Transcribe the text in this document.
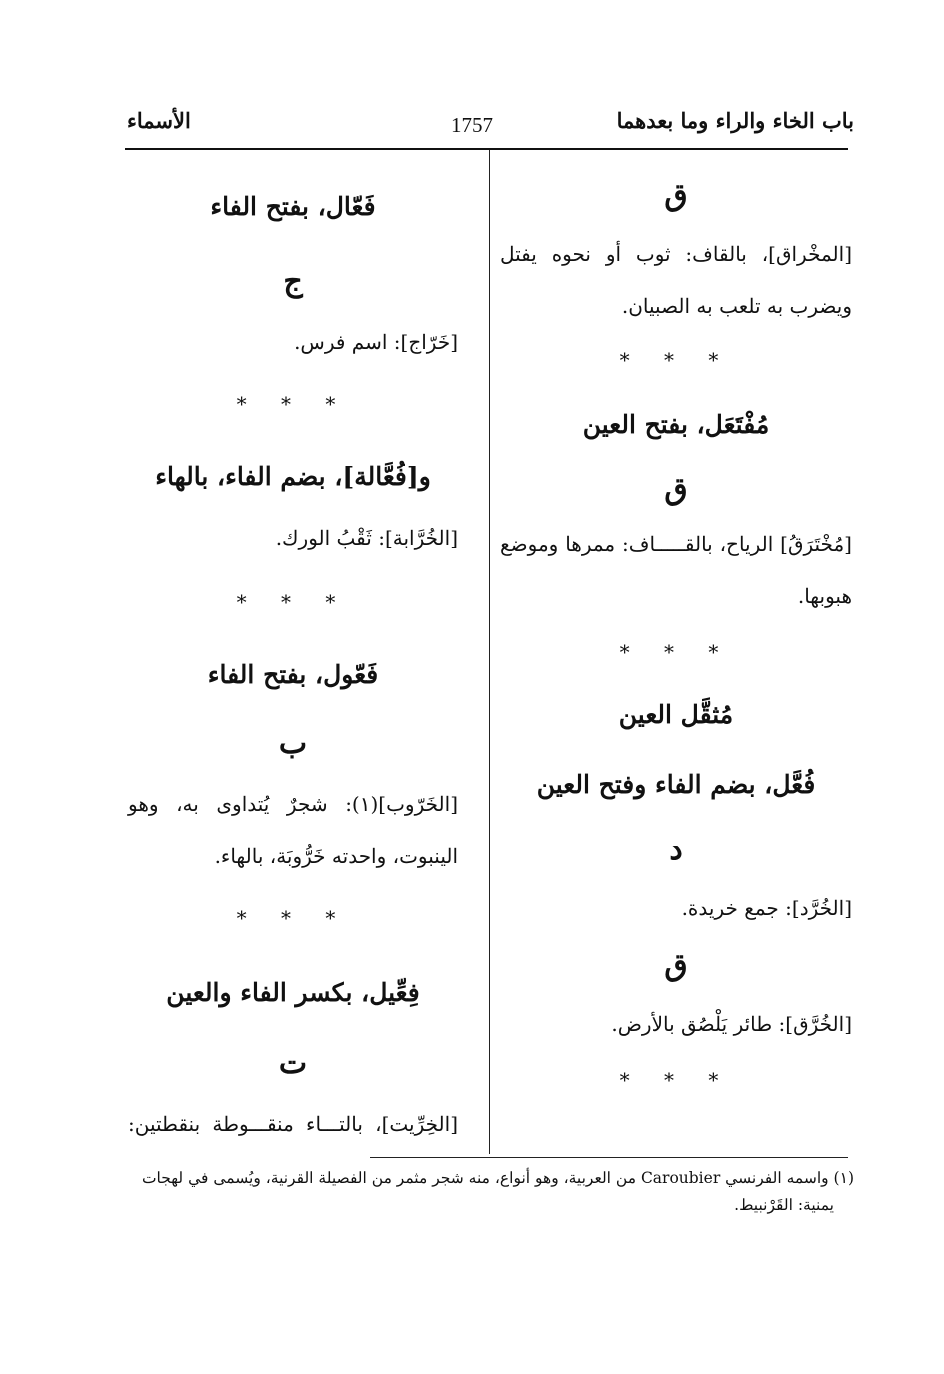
باب الخاء والراء وما بعدهما
1757
الأسماء
ق
[المخْراق]، بالقاف: ثوب أو نحوه يفتل ويضرب به تلعب به الصبيان.
* * *
مُفْتَعَل، بفتح العين
ق
[مُخْتَرَقُ] الرياح، بالقـــــاف: ممرها وموضع هبوبها.
* * *
مُثقَّل العين
فُعَّل، بضم الفاء وفتح العين
د
[الخُرَّد]: جمع خريدة.
ق
[الخُرَّق]: طائر يَلْصُق بالأرض.
* * *
فَعّال، بفتح الفاء
ج
[خَرّاج]: اسم فرس.
* * *
و[فُعَّالة]، بضم الفاء، بالهاء
[الخُرَّابة]: ثَقْبُ الورك.
* * *
فَعّول، بفتح الفاء
ب
[الخَرّوب](١): شجرٌ يُتداوى به، وهو
الينبوت، واحدته خَرُّوبَة، بالهاء.
* * *
فِعِّيل، بكسر الفاء والعين
ت
[الخِرِّيت]، بالتـــاء منقـــوطة بنقطتين:
(١) واسمه الفرنسي Caroubier من العربية، وهو أنواع، منه شجر مثمر من الفصيلة القرنية، ويُسمى في لهجات
يمنية: القَرْنبيط.
